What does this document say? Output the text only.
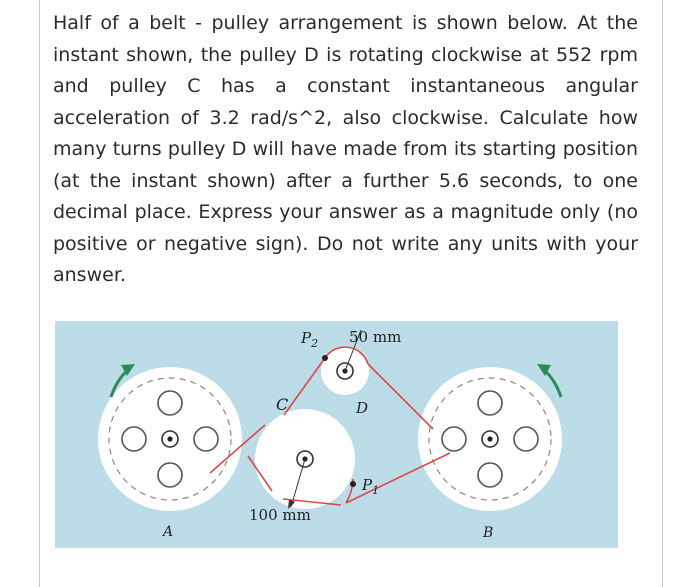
Half of a belt - pulley arrangement is shown below. At the instant shown, the pulley D is rotating clockwise at 552 rpm and pulley C has a constant instantaneous angular acceleration of 3.2 rad/s^2, also clockwise. Calculate how many turns pulley D will have made from its starting position (at the instant shown) after a further 5.6 seconds, to one decimal place. Express your answer as a magnitude only (no positive or negative sign). Do not write any units with your answer.

C	D
A	B
$P_2$
$P_1$
50 mm
100 mm
